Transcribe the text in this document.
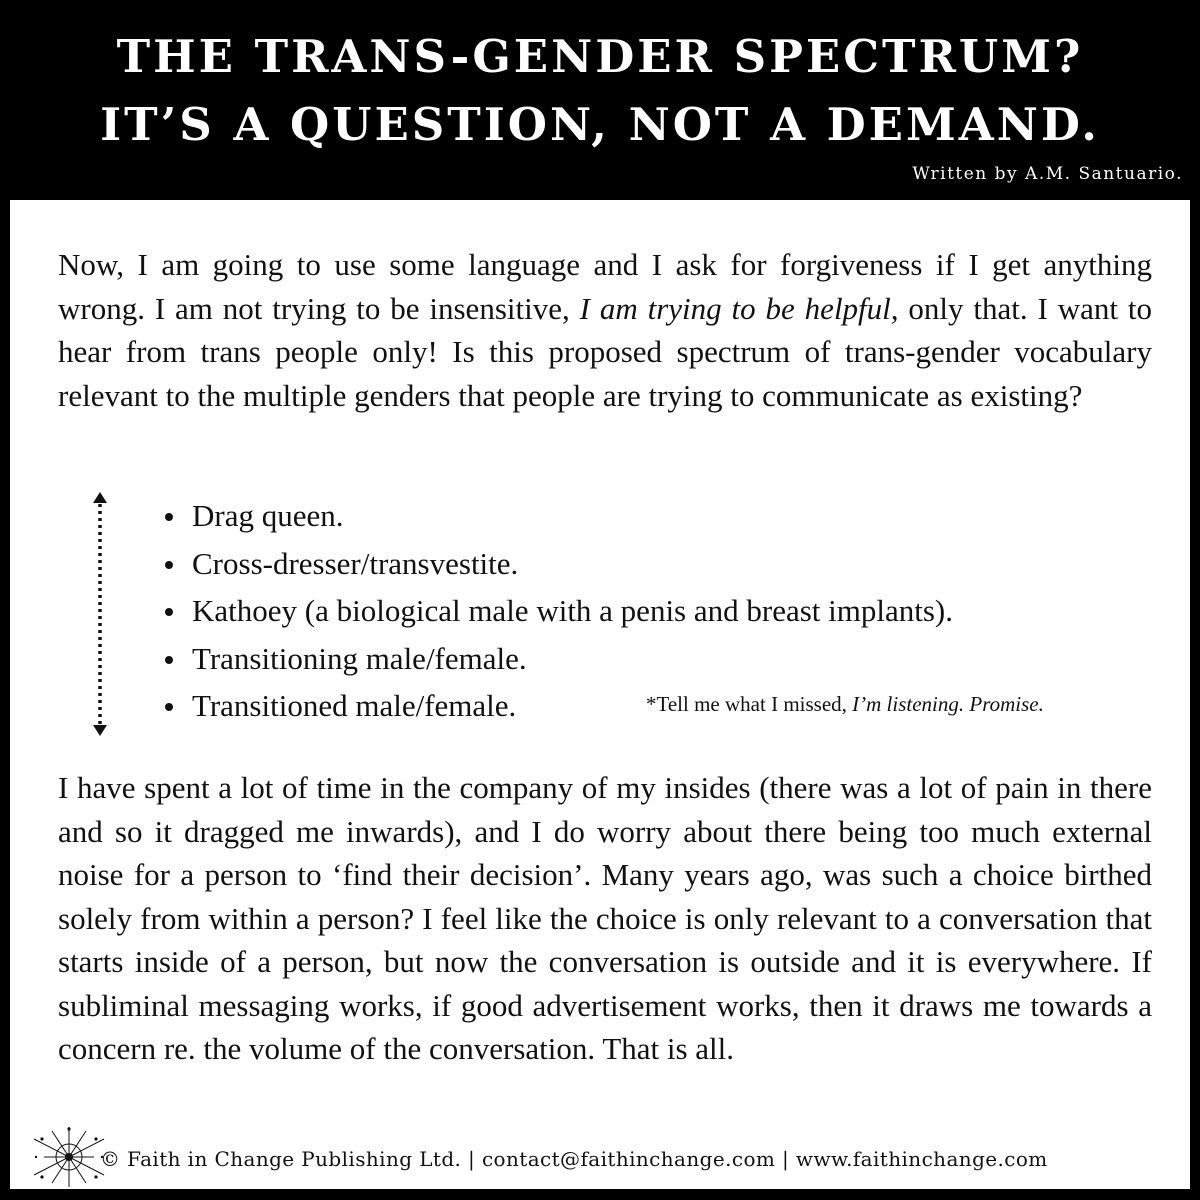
THE TRANS-GENDER SPECTRUM?
IT’S A QUESTION, NOT A DEMAND.
Written by A.M. Santuario.

Now, I am going to use some language and I ask for forgiveness if I get anything wrong. I am not trying to be insensitive, I am trying to be helpful, only that. I want to hear from trans people only! Is this proposed spectrum of trans-gender vocabulary relevant to the multiple genders that people are trying to communicate as existing?

Drag queen.
Cross-dresser/transvestite.
Kathoey (a biological male with a penis and breast implants).
Transitioning male/female.
Transitioned male/female.	*Tell me what I missed, I’m listening. Promise.

I have spent a lot of time in the company of my insides (there was a lot of pain in there and so it dragged me inwards), and I do worry about there being too much external noise for a person to ‘find their decision’. Many years ago, was such a choice birthed solely from within a person? I feel like the choice is only relevant to a conversation that starts inside of a person, but now the conversation is outside and it is everywhere. If subliminal messaging works, if good advertisement works, then it draws me towards a concern re. the volume of the conversation. That is all.

© Faith in Change Publishing Ltd. | contact@faithinchange.com | www.faithinchange.com
